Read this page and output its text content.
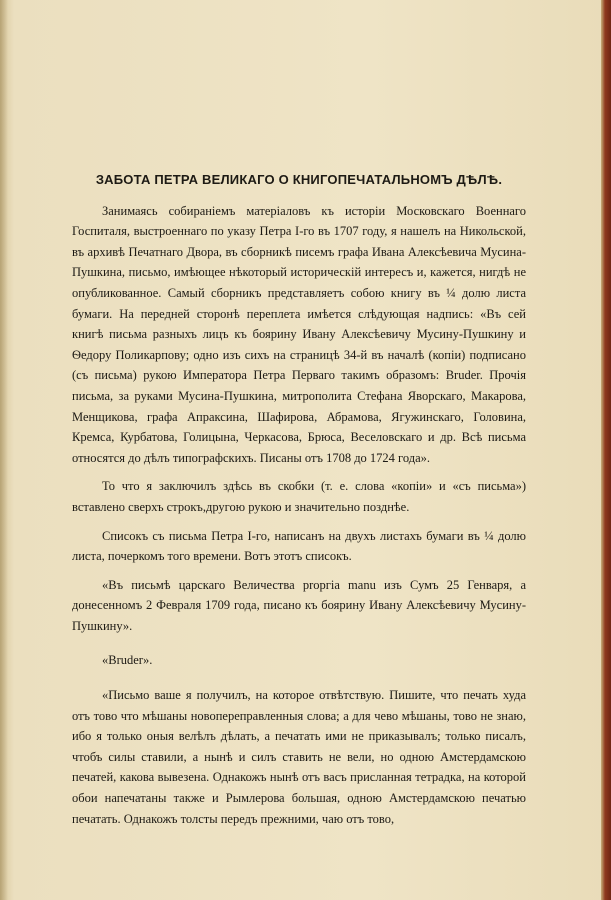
ЗАБОТА ПЕТРА ВЕЛИКАГО О КНИГОПЕЧАТАЛЬНОМЪ ДѢЛѢ.

Занимаясь собираніемъ матеріаловъ къ исторіи Московскаго Военнаго Госпиталя, выстроеннаго по указу Петра I-го въ 1707 году, я нашелъ на Никольской, въ архивѣ Печатнаго Двора, въ сборникѣ писемъ графа Ивана Алексѣевича Мусина-Пушкина, письмо, имѣющее нѣкоторый историческій интересъ и, кажется, нигдѣ не опубликованное. Самый сборникъ представляетъ собою книгу въ ¼ долю листа бумаги. На передней сторонѣ переплета имѣется слѣдующая надпись: «Въ сей книгѣ письма разныхъ лицъ къ боярину Ивану Алексѣевичу Мусину-Пушкину и Ѳедору Поликарпову; одно изъ сихъ на страницѣ 34-й въ началѣ (копіи) подписано (съ письма) рукою Императора Петра Перваго такимъ образомъ: Bruder. Прочія письма, за руками Мусина-Пушкина, митрополита Стефана Яворскаго, Макарова, Менщикова, графа Апраксина, Шафирова, Абрамова, Ягужинскаго, Головина, Кремса, Курбатова, Голицына, Черкасова, Брюса, Веселовскаго и др. Всѣ письма относятся до дѣлъ типографскихъ. Писаны отъ 1708 до 1724 года».

То что я заключилъ здѣсь въ скобки (т. е. слова «копіи» и «съ письма») вставлено сверхъ строкъ,другою рукою и значительно позднѣе.

Списокъ съ письма Петра I-го, написанъ на двухъ листахъ бумаги въ ¼ долю листа, почеркомъ того времени. Вотъ этотъ списокъ.

«Въ письмѣ царскаго Величества рrоргіа manu изъ Сумъ 25 Генваря, а донесенномъ 2 Февраля 1709 года, писано къ боярину Ивану Алексѣевичу Мусину-Пушкину».

«Bruder».

«Письмо ваше я получилъ, на которое отвѣтствую. Пишите, что печать худа отъ тово что мѣшаны новоперепрaвленныя слова; а для чево мѣшаны, тово не знаю, ибо я только оныя велѣлъ дѣлать, а печатать ими не приказывалъ; только писалъ, чтобъ силы ставили, а нынѣ и силъ ставить не вели, но одною Амстердамскою печатей, какова вывезена. Однакожъ нынѣ отъ васъ присланная тетрадка, на которой обои напечатаны также и Рымлерова большая, одною Амстердамскою печатью печатать. Однакожъ толсты передъ прежними, чаю отъ тово,
